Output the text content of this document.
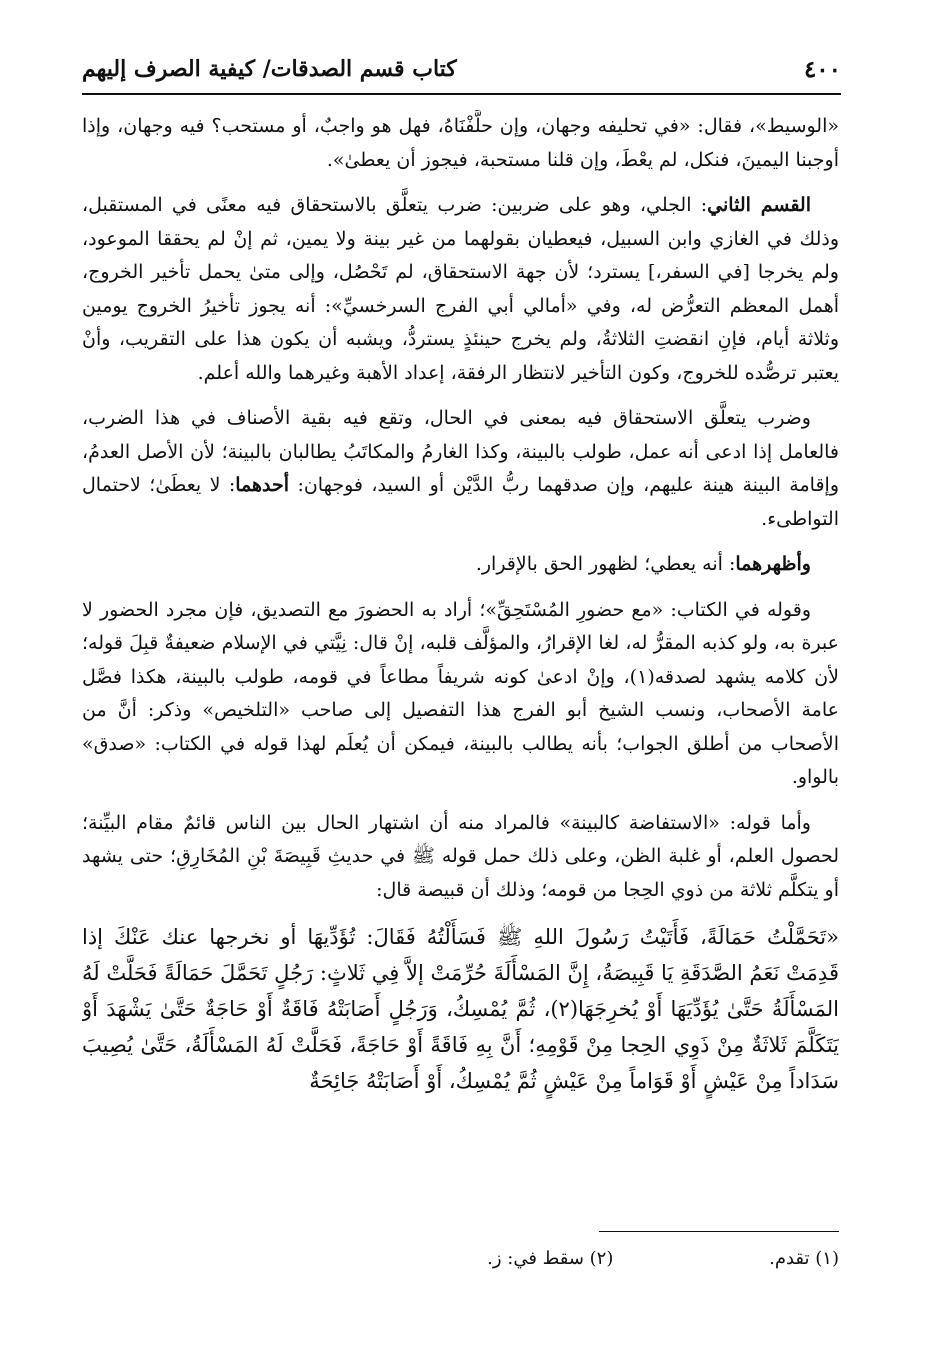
٤٠٠
كتاب قسم الصدقات/ كيفية الصرف إليهم

«الوسيط»، فقال: «في تحليفه وجهان، وإن حلَّفْنَاهُ، فهل هو واجبٌ، أو مستحب؟ فيه وجهان، وإذا أوجبنا اليمينَ، فنكل، لم يعْطَ، وإن قلنا مستحبة، فيجوز أن يعطىٰ».

القسم الثاني: الجلي، وهو على ضربين: ضرب يتعلَّق بالاستحقاق فيه معنًى في المستقبل، وذلك في الغازي وابن السبيل، فيعطيان بقولهما من غير بينة ولا يمين، ثم إنْ لم يحققا الموعود، ولم يخرجا [في السفر،] يسترد؛ لأن جهة الاستحقاق، لم تَحْصُل، وإلى متىٰ يحمل تأخير الخروج، أهمل المعظم التعرُّض له، وفي «أمالي أبي الفرج السرخسيِّ»: أنه يجوز تأخيرُ الخروج يومين وثلاثة أيام، فإنِ انقضتِ الثلاثةُ، ولم يخرج حينئذٍ يستردُّ، ويشبه أن يكون هذا على التقريب، وأنْ يعتبر ترصُّده للخروج، وكون التأخير لانتظار الرفقة، إعداد الأهبة وغيرهما والله أعلم.

وضرب يتعلَّق الاستحقاق فيه بمعنى في الحال، وتقع فيه بقية الأصناف في هذا الضرب، فالعامل إذا ادعى أنه عمل، طولب بالبينة، وكذا الغارمُ والمكاتَبُ يطالبان بالبينة؛ لأن الأصل العدمُ، وإقامة البينة هينة عليهم، وإن صدقهما ربُّ الدَّيْن أو السيد، فوجهان: أحدهما: لا يعطَىٰ؛ لاحتمال التواطىء.

وأظهرهما: أنه يعطي؛ لظهور الحق بالإقرار.

وقوله في الكتاب: «مع حضورِ المُسْتَحِقِّ»؛ أراد به الحضورَ مع التصديق، فإن مجرد الحضور لا عبرة به، ولو كذبه المقرُّ له، لغا الإقرارُ، والمؤلَّف قلبه، إنْ قال: نِيَّتي في الإسلام ضعيفةٌ قبِلَ قوله؛ لأن كلامه يشهد لصدقه(١)، وإنْ ادعىٰ كونه شريفاً مطاعاً في قومه، طولب بالبينة، هكذا فصَّل عامة الأصحاب، ونسب الشيخ أبو الفرج هذا التفصيل إلى صاحب «التلخيص» وذكر: أنَّ من الأصحاب من أطلق الجواب؛ بأنه يطالب بالبينة، فيمكن أن يُعلَم لهذا قوله في الكتاب: «صدق» بالواو.

وأما قوله: «الاستفاضة كالبينة» فالمراد منه أن اشتهار الحال بين الناس قائمٌ مقام البيِّنة؛ لحصول العلم، أو غلبة الظن، وعلى ذلك حمل قوله ﷺ في حديثِ قَبِيصَةَ بْنِ المُخَارِقِ؛ حتى يشهد أو يتكلَّم ثلاثة من ذوي الحِجا من قومه؛ وذلك أن قبيصة قال:

«تَحَمَّلْتُ حَمَالَةً، فَأَتَيْتُ رَسُولَ اللهِ ﷺ فَسَأَلْتُهُ فَقَالَ: تُؤَدِّيهَا أو نخرجها عنك عَنْكَ إذا قَدِمَتْ نَعَمُ الصَّدَقَةِ يَا قَبِيصَةُ، إِنَّ المَسْأَلَةَ حُرِّمَتْ إلاَّ فِي ثَلاثٍ: رَجُلٍ تَحَمَّلَ حَمَالَةً فَحَلَّتْ لَهُ المَسْأَلَةُ حَتَّىٰ يُؤَدِّيَهَا أَوْ يُخرِجَهَا(٢)، ثُمَّ يُمْسِكُ، وَرَجُلٍ أَصَابَتْهُ فَاقَةٌ أَوْ حَاجَةٌ حَتَّىٰ يَشْهَدَ أَوْ يَتَكَلَّمَ ثَلاثَةٌ مِنْ ذَوِي الحِجا مِنْ قَوْمِهِ؛ أَنَّ بِهِ فَاقَةً أَوْ حَاجَةً، فَحَلَّتْ لَهُ المَسْأَلَةُ، حَتَّىٰ يُصِيبَ سَدَاداً مِنْ عَيْشٍ أَوْ قَوَاماً مِنْ عَيْشٍ ثُمَّ يُمْسِكُ، أَوْ أَصَابَتْهُ جَائِحَةٌ

(١) تقدم. (٢) سقط في: ز.
